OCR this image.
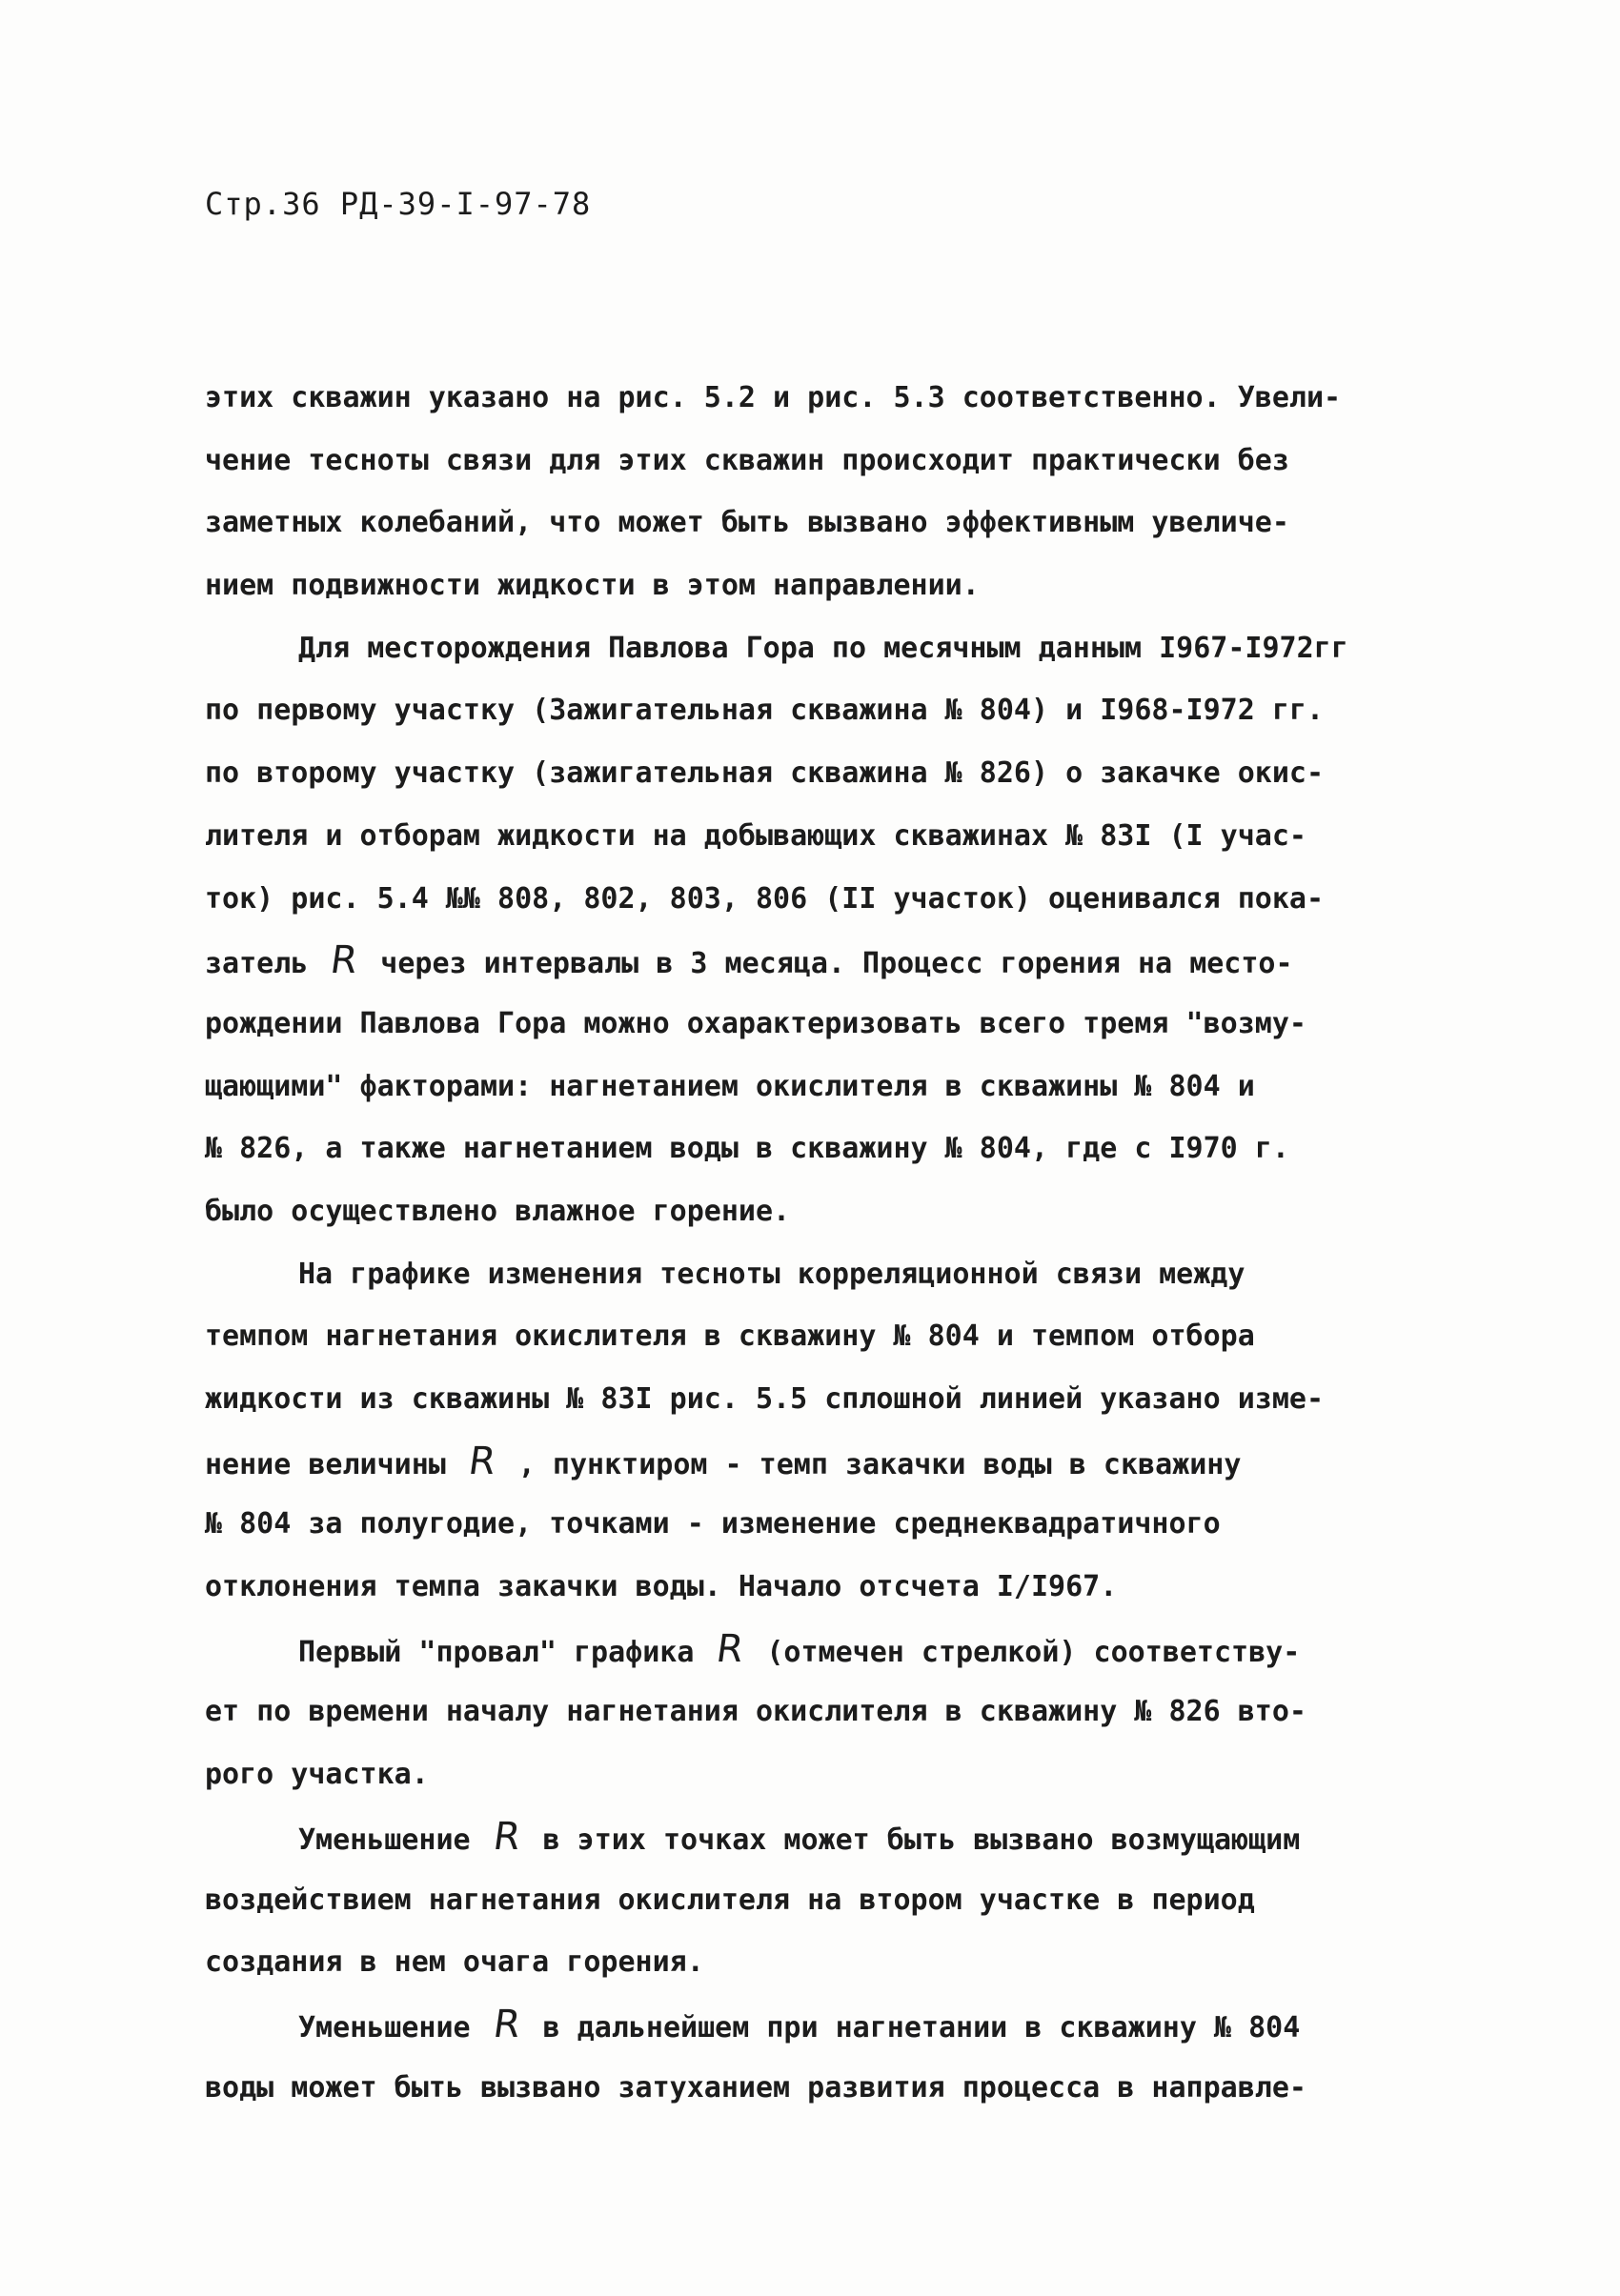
Стр.36 РД-39-I-97-78
этих скважин указано на рис. 5.2 и рис. 5.3 соответственно. Увели-
чение тесноты связи для этих скважин происходит практически без
заметных колебаний, что может быть вызвано эффективным увеличе-
нием подвижности жидкости в этом направлении.
Для месторождения Павлова Гора по месячным данным I967-I972гг
по первому участку (Зажигательная скважина № 804) и I968-I972 гг.
по второму участку (зажигательная скважина № 826) о закачке окис-
лителя и отборам жидкости на добывающих скважинах № 83I (I учас-
ток) рис. 5.4 №№ 808, 802, 803, 806 (II участок) оценивался пока-
затель R через интервалы в 3 месяца. Процесс горения на место-
рождении Павлова Гора можно охарактеризовать всего тремя "возму-
щающими" факторами: нагнетанием окислителя в скважины № 804 и
№ 826, а также нагнетанием воды в скважину № 804, где с I970 г.
было осуществлено влажное горение.
На графике изменения тесноты корреляционной связи между
темпом нагнетания окислителя в скважину № 804 и темпом отбора
жидкости из скважины № 83I рис. 5.5 сплошной линией указано изме-
нение величины R , пунктиром - темп закачки воды в скважину
№ 804 за полугодие, точками - изменение среднеквадратичного
отклонения темпа закачки воды. Начало отсчета I/I967.
Первый "провал" графика R (отмечен стрелкой) соответству-
ет по времени началу нагнетания окислителя в скважину № 826 вто-
рого участка.
Уменьшение R в этих точках может быть вызвано возмущающим
воздействием нагнетания окислителя на втором участке в период
создания в нем очага горения.
Уменьшение R в дальнейшем при нагнетании в скважину № 804
воды может быть вызвано затуханием развития процесса в направле-
